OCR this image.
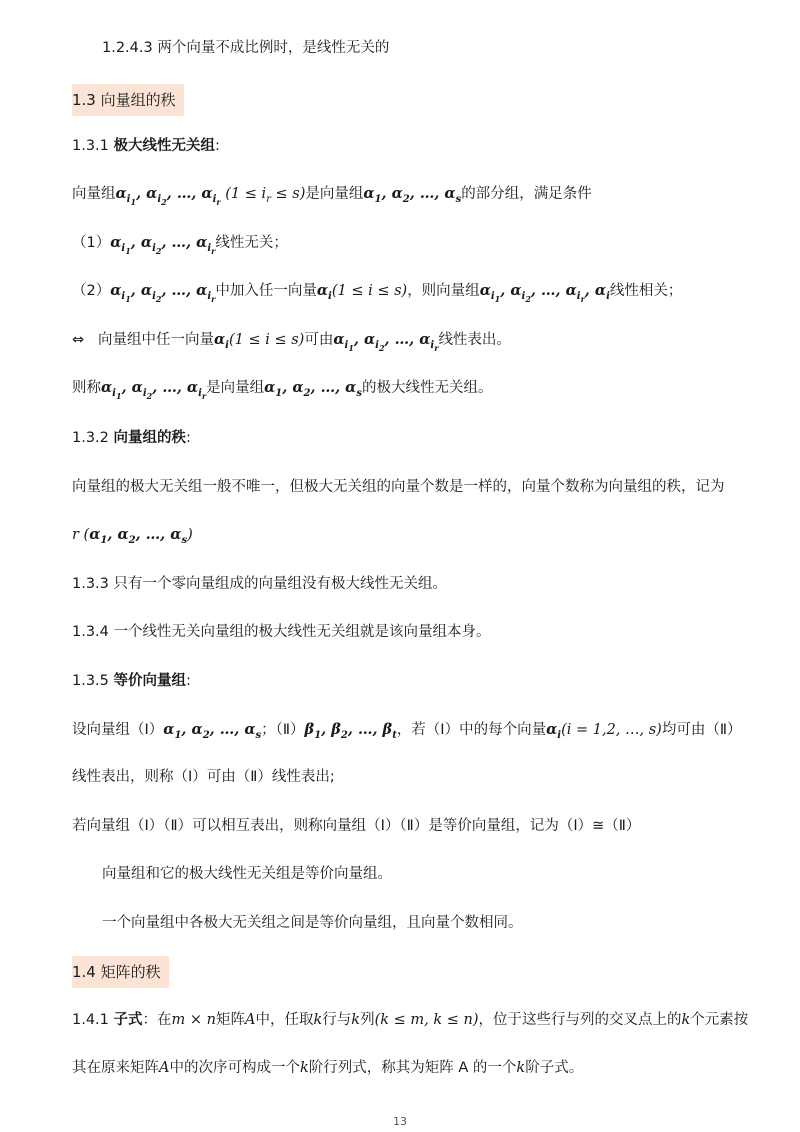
1.2.4.3 两个向量不成比例时，是线性无关的
1.3 向量组的秩
1.3.1 极大线性无关组:
向量组$\alpha_{i_1}$, $\alpha_{i_2}$, …, $\alpha_{i_r}$ $(1 \le i_r \le s)$是向量组$\alpha_1$, $\alpha_2$, …, $\alpha_s$的部分组，满足条件
$(1)\alpha_{i_1}$, $\alpha_{i_2}$, …, $\alpha_{i_r}$线性无关；
$(2)\alpha_{i_1}$, $\alpha_{i_2}$, …, $\alpha_{i_r}$中加入任一向量$\alpha_i(1 \le i \le s)$，则向量组$\alpha_{i_1}$, $\alpha_{i_2}$, …, $\alpha_{i_r}$, $\alpha_i$线性相关；
⇔ 向量组中任一向量$\alpha_i(1 \le i \le s)$可由$\alpha_{i_1}$, $\alpha_{i_2}$, …, $\alpha_{i_r}$线性表出。
则称$\alpha_{i_1}$, $\alpha_{i_2}$, …, $\alpha_{i_r}$是向量组$\alpha_1$, $\alpha_2$, …, $\alpha_s$的极大线性无关组。
1.3.2 向量组的秩:
向量组的极大无关组一般不唯一，但极大无关组的向量个数是一样的，向量个数称为向量组的秩，记为
r ($\alpha_1$, $\alpha_2$, …, $\alpha_s$)
1.3.3 只有一个零向量组成的向量组没有极大线性无关组。
1.3.4 一个线性无关向量组的极大线性无关组就是该向量组本身。
1.3.5 等价向量组:
设向量组$(Ⅰ)\alpha_1$, $\alpha_2$, …, $\alpha_s$；$(Ⅱ)\beta_1$, $\beta_2$, …, $\beta_t$，若（Ⅰ）中的每个向量$\alpha_i(i = 1,2$, …, s)均可由（Ⅱ）
线性表出，则称（Ⅰ）可由（Ⅱ）线性表出;
若向量组（Ⅰ）（Ⅱ）可以相互表出，则称向量组（Ⅰ）（Ⅱ）是等价向量组，记为（Ⅰ）≅（Ⅱ）
向量组和它的极大线性无关组是等价向量组。
一个向量组中各极大无关组之间是等价向量组，且向量个数相同。
1.4 矩阵的秩
1.4.1 子式：在m × n矩阵A中，任取k行与k列(k ≤ m, k ≤ n)，位于这些行与列的交叉点上的k个元素按
其在原来矩阵A中的次序可构成一个k阶行列式，称其为矩阵 A 的一个k阶子式。
13
